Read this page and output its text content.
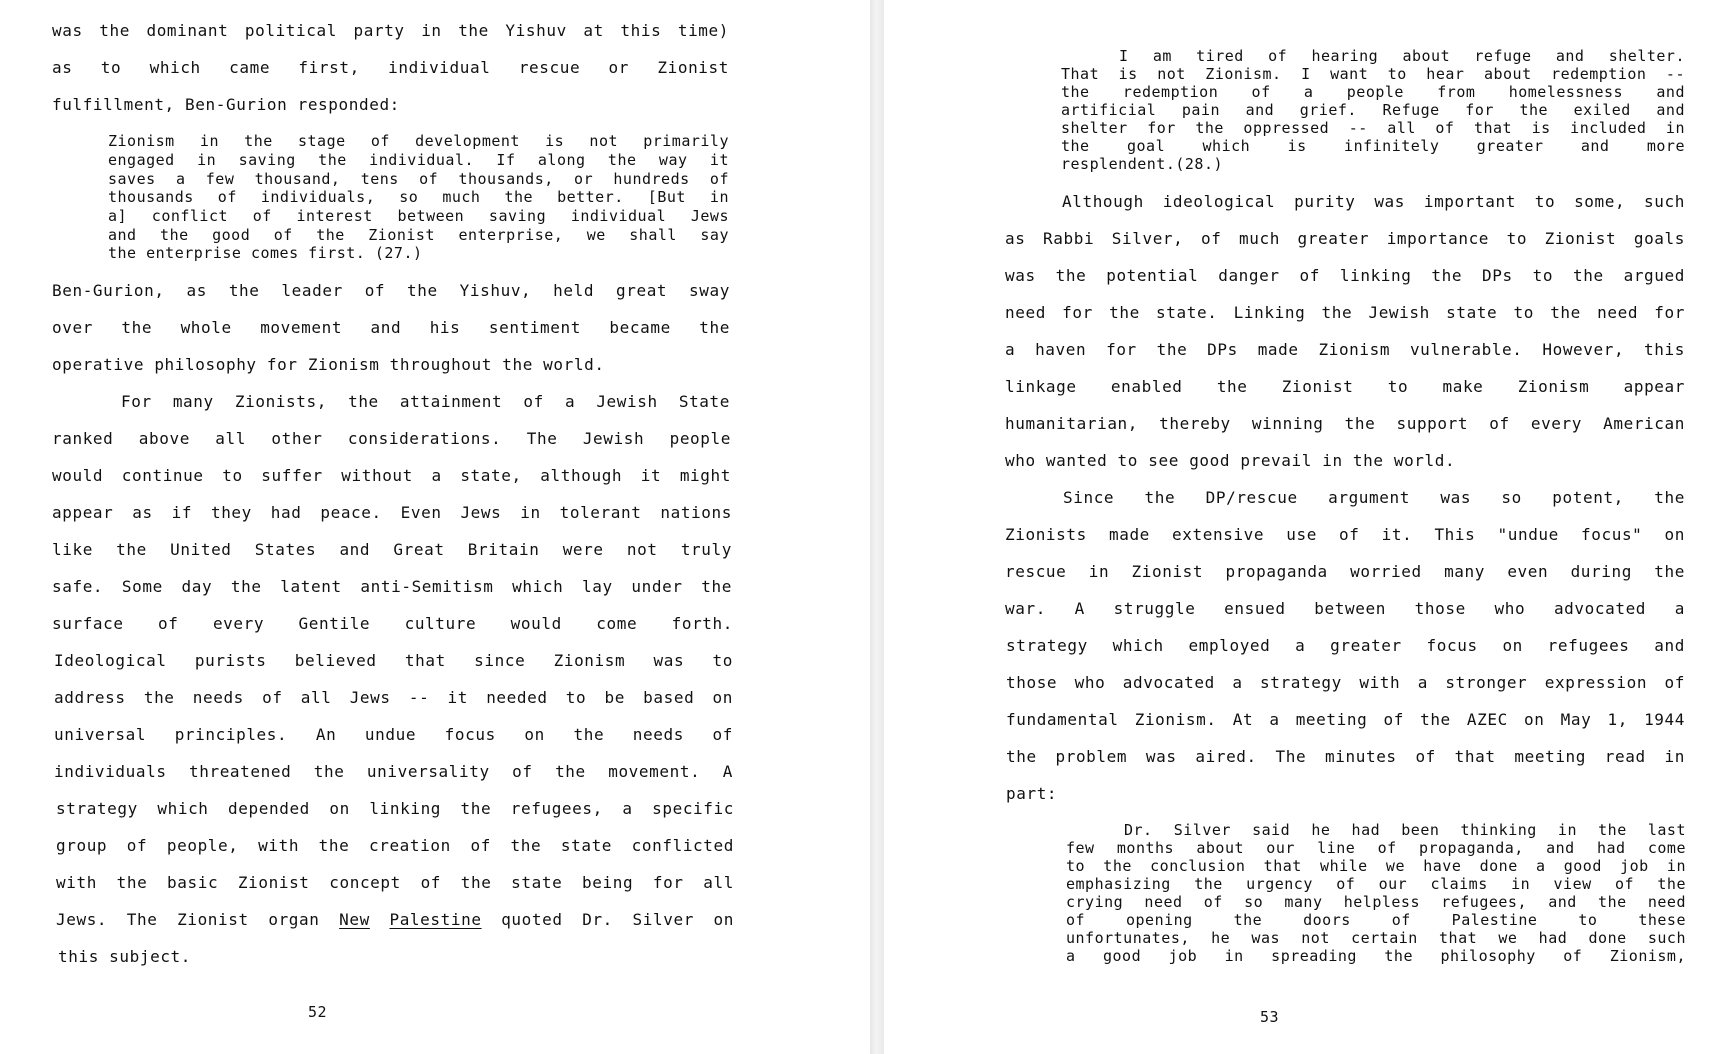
was the dominant political party in the Yishuv at this time)
as to which came first, individual rescue or Zionist
fulfillment, Ben-Gurion responded:
Zionism in the stage of development is not primarily
engaged in saving the individual. If along the way it
saves a few thousand, tens of thousands, or hundreds of
thousands of individuals, so much the better. [But in
a] conflict of interest between saving individual Jews
and the good of the Zionist enterprise, we shall say
the enterprise comes first. (27.)
Ben-Gurion, as the leader of the Yishuv, held great sway
over the whole movement and his sentiment became the
operative philosophy for Zionism throughout the world.
For many Zionists, the attainment of a Jewish State
ranked above all other considerations. The Jewish people
would continue to suffer without a state, although it might
appear as if they had peace. Even Jews in tolerant nations
like the United States and Great Britain were not truly
safe. Some day the latent anti-Semitism which lay under the
surface of every Gentile culture would come forth.
Ideological purists believed that since Zionism was to
address the needs of all Jews -- it needed to be based on
universal principles. An undue focus on the needs of
individuals threatened the universality of the movement. A
strategy which depended on linking the refugees, a specific
group of people, with the creation of the state conflicted
with the basic Zionist concept of the state being for all
Jews. The Zionist organ New Palestine quoted Dr. Silver on
this subject.
52
I am tired of hearing about refuge and shelter.
That is not Zionism. I want to hear about redemption --
the redemption of a people from homelessness and
artificial pain and grief. Refuge for the exiled and
shelter for the oppressed -- all of that is included in
the goal which is infinitely greater and more
resplendent.(28.)
Although ideological purity was important to some, such
as Rabbi Silver, of much greater importance to Zionist goals
was the potential danger of linking the DPs to the argued
need for the state. Linking the Jewish state to the need for
a haven for the DPs made Zionism vulnerable. However, this
linkage enabled the Zionist to make Zionism appear
humanitarian, thereby winning the support of every American
who wanted to see good prevail in the world.
Since the DP/rescue argument was so potent, the
Zionists made extensive use of it. This "undue focus" on
rescue in Zionist propaganda worried many even during the
war. A struggle ensued between those who advocated a
strategy which employed a greater focus on refugees and
those who advocated a strategy with a stronger expression of
fundamental Zionism. At a meeting of the AZEC on May 1, 1944
the problem was aired. The minutes of that meeting read in
part:
Dr. Silver said he had been thinking in the last
few months about our line of propaganda, and had come
to the conclusion that while we have done a good job in
emphasizing the urgency of our claims in view of the
crying need of so many helpless refugees, and the need
of opening the doors of Palestine to these
unfortunates, he was not certain that we had done such
a good job in spreading the philosophy of Zionism,
53
